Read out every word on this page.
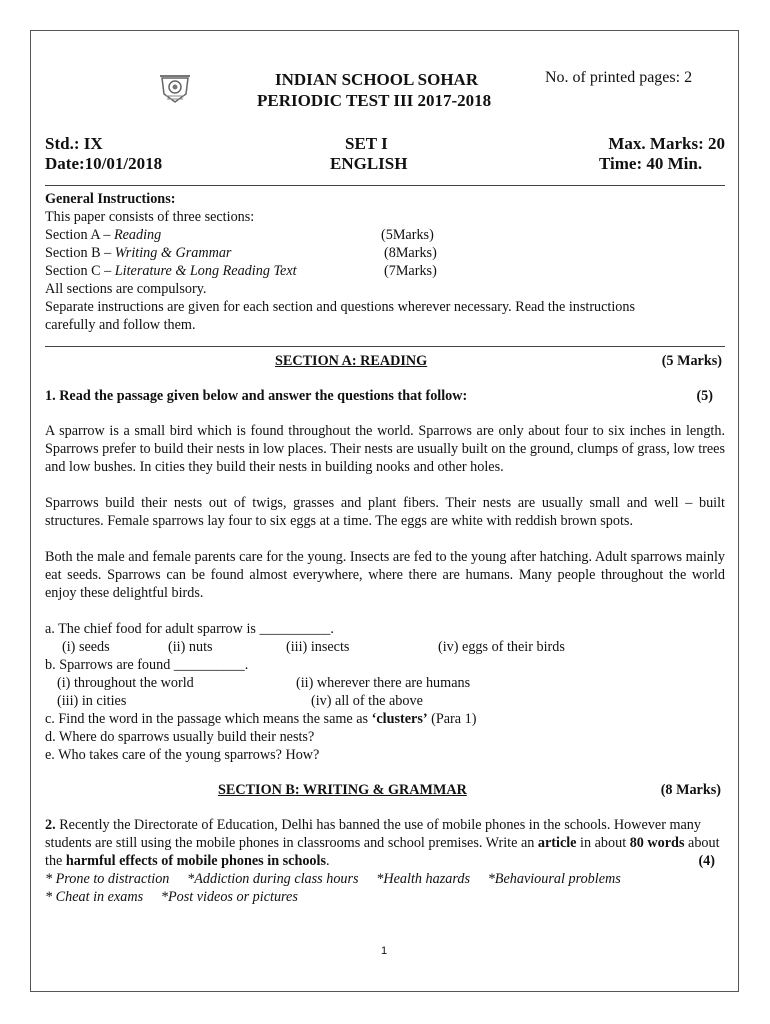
INDIAN SCHOOL SOHAR
PERIODIC TEST III 2017-2018
No. of printed pages: 2
Std.: IX
Date:10/01/2018
SET I
ENGLISH
Max. Marks: 20
Time: 40 Min.
General Instructions:
This paper consists of three sections:
Section A – Reading	(5Marks)
Section B – Writing & Grammar	(8Marks)
Section C – Literature & Long Reading Text	(7Marks)
All sections are compulsory.
Separate instructions are given for each section and questions wherever necessary. Read the instructions carefully and follow them.
SECTION A: READING	(5 Marks)
1. Read the passage given below and answer the questions that follow:	(5)
A sparrow is a small bird which is found throughout the world. Sparrows are only about four to six inches in length. Sparrows prefer to build their nests in low places. Their nests are usually built on the ground, clumps of grass, low trees and low bushes. In cities they build their nests in building nooks and other holes.
Sparrows build their nests out of twigs, grasses and plant fibers. Their nests are usually small and well – built structures. Female sparrows lay four to six eggs at a time. The eggs are white with reddish brown spots.
Both the male and female parents care for the young. Insects are fed to the young after hatching. Adult sparrows mainly eat seeds. Sparrows can be found almost everywhere, where there are humans. Many people throughout the world enjoy these delightful birds.
a. The chief food for adult sparrow is __________.
(i) seeds	(ii) nuts	(iii) insects	(iv) eggs of their birds
b. Sparrows are found __________.
(i) throughout the world	(ii) wherever there are humans
(iii) in cities	(iv) all of the above
c. Find the word in the passage which means the same as ‘clusters’ (Para 1)
d. Where do sparrows usually build their nests?
e. Who takes care of the young sparrows? How?
SECTION B: WRITING & GRAMMAR	(8 Marks)
2. Recently the Directorate of Education, Delhi has banned the use of mobile phones in the schools. However many students are still using the mobile phones in classrooms and school premises. Write an article in about 80 words about the harmful effects of mobile phones in schools.	(4)
* Prone to distraction     *Addiction during class hours     *Health hazards     *Behavioural problems
* Cheat in exams     *Post videos or pictures
1
